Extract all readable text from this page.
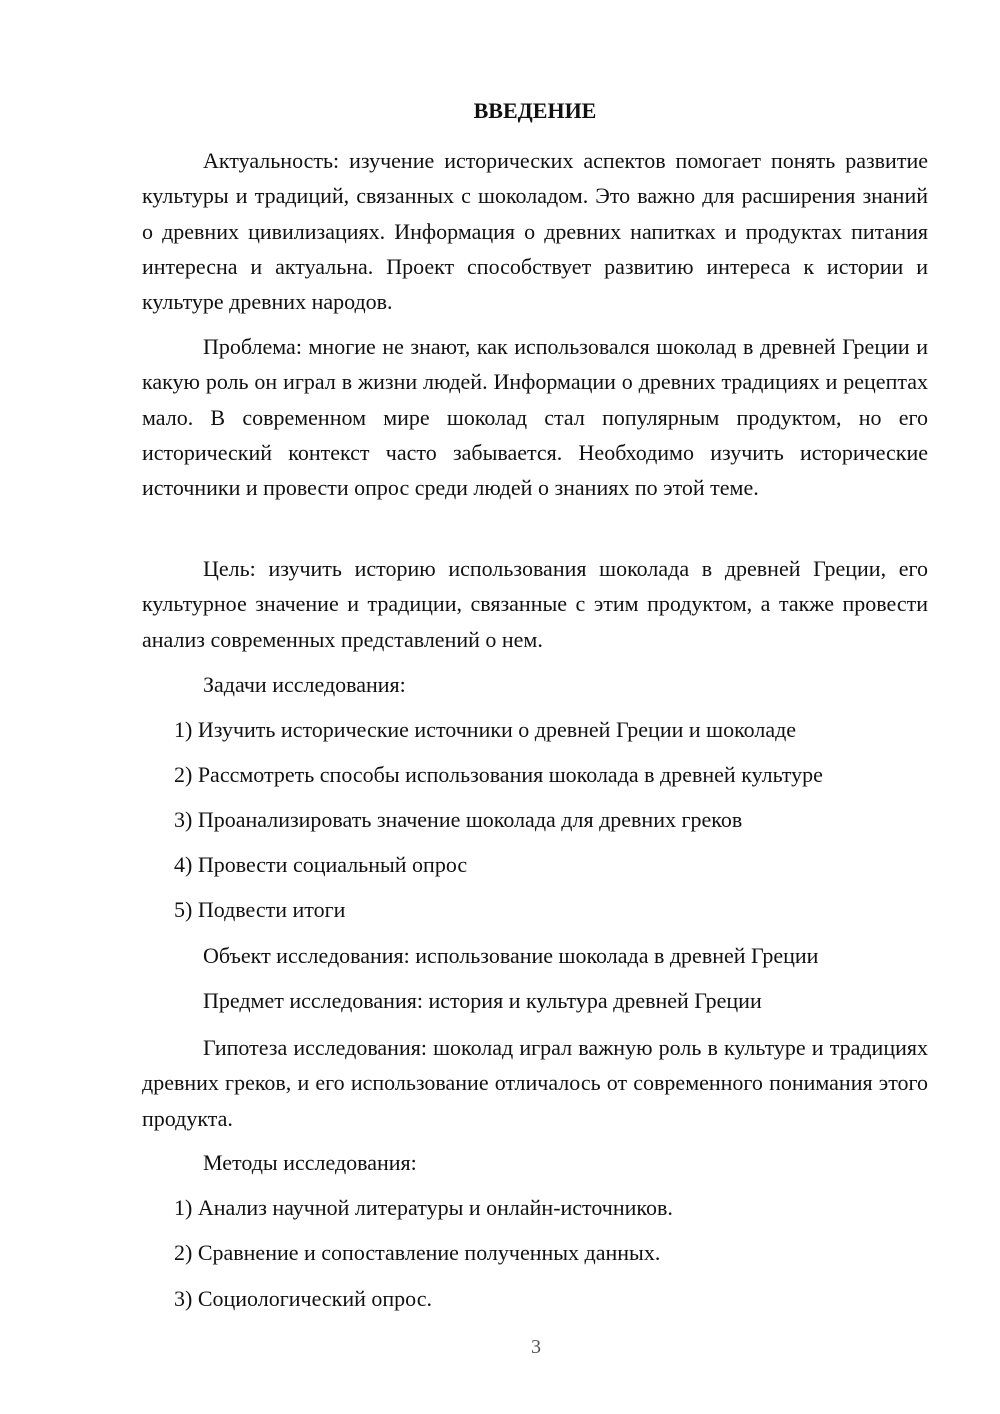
ВВЕДЕНИЕ

Актуальность: изучение исторических аспектов помогает понять развитие культуры и традиций, связанных с шоколадом. Это важно для расширения знаний о древних цивилизациях. Информация о древних напитках и продуктах питания интересна и актуальна. Проект способствует развитию интереса к истории и культуре древних народов.

Проблема: многие не знают, как использовался шоколад в древней Греции и какую роль он играл в жизни людей. Информации о древних традициях и рецептах мало. В современном мире шоколад стал популярным продуктом, но его исторический контекст часто забывается. Необходимо изучить исторические источники и провести опрос среди людей о знаниях по этой теме.

Цель: изучить историю использования шоколада в древней Греции, его культурное значение и традиции, связанные с этим продуктом, а также провести анализ современных представлений о нем.

Задачи исследования:

1) Изучить исторические источники о древней Греции и шоколаде

2) Рассмотреть способы использования шоколада в древней культуре

3) Проанализировать значение шоколада для древних греков

4) Провести социальный опрос

5) Подвести итоги

Объект исследования: использование шоколада в древней Греции

Предмет исследования: история и культура древней Греции

Гипотеза исследования: шоколад играл важную роль в культуре и традициях древних греков, и его использование отличалось от современного понимания этого продукта.

Методы исследования:

1) Анализ научной литературы и онлайн-источников.

2) Сравнение и сопоставление полученных данных.

3) Социологический опрос.

3
